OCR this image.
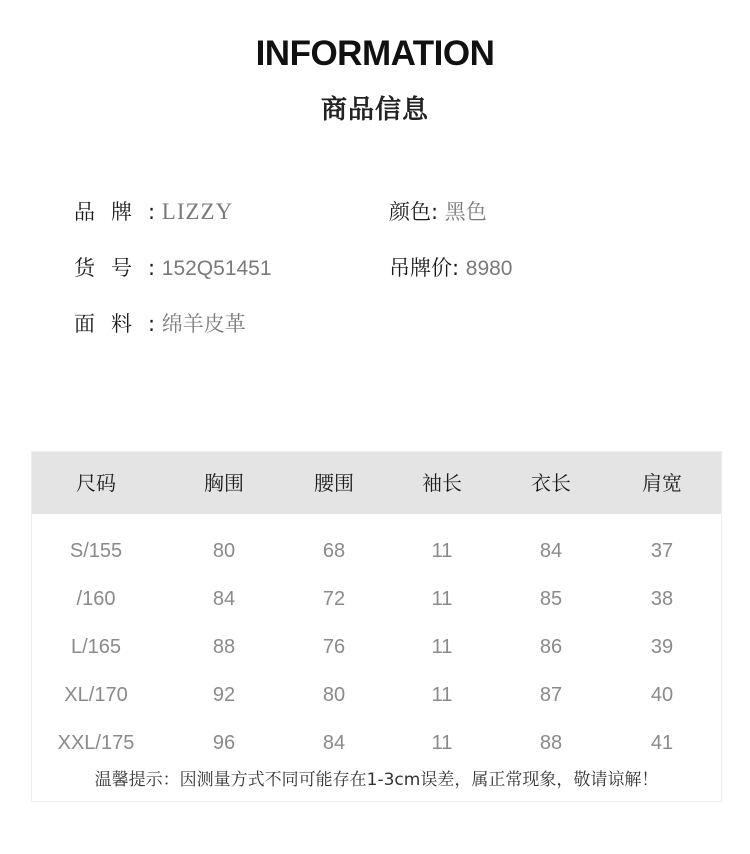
INFORMATION
商品信息
品牌: LIZZY	颜色: 黑色
货号: 152Q51451	吊牌价: 8980
面料: 绵羊皮革
尺码	胸围	腰围	袖长	衣长	肩宽
S/155	80	68	11	84	37
/160	84	72	11	85	38
L/165	88	76	11	86	39
XL/170	92	80	11	87	40
XXL/175	96	84	11	88	41
温馨提示：因测量方式不同可能存在1-3cm误差，属正常现象，敬请谅解！
